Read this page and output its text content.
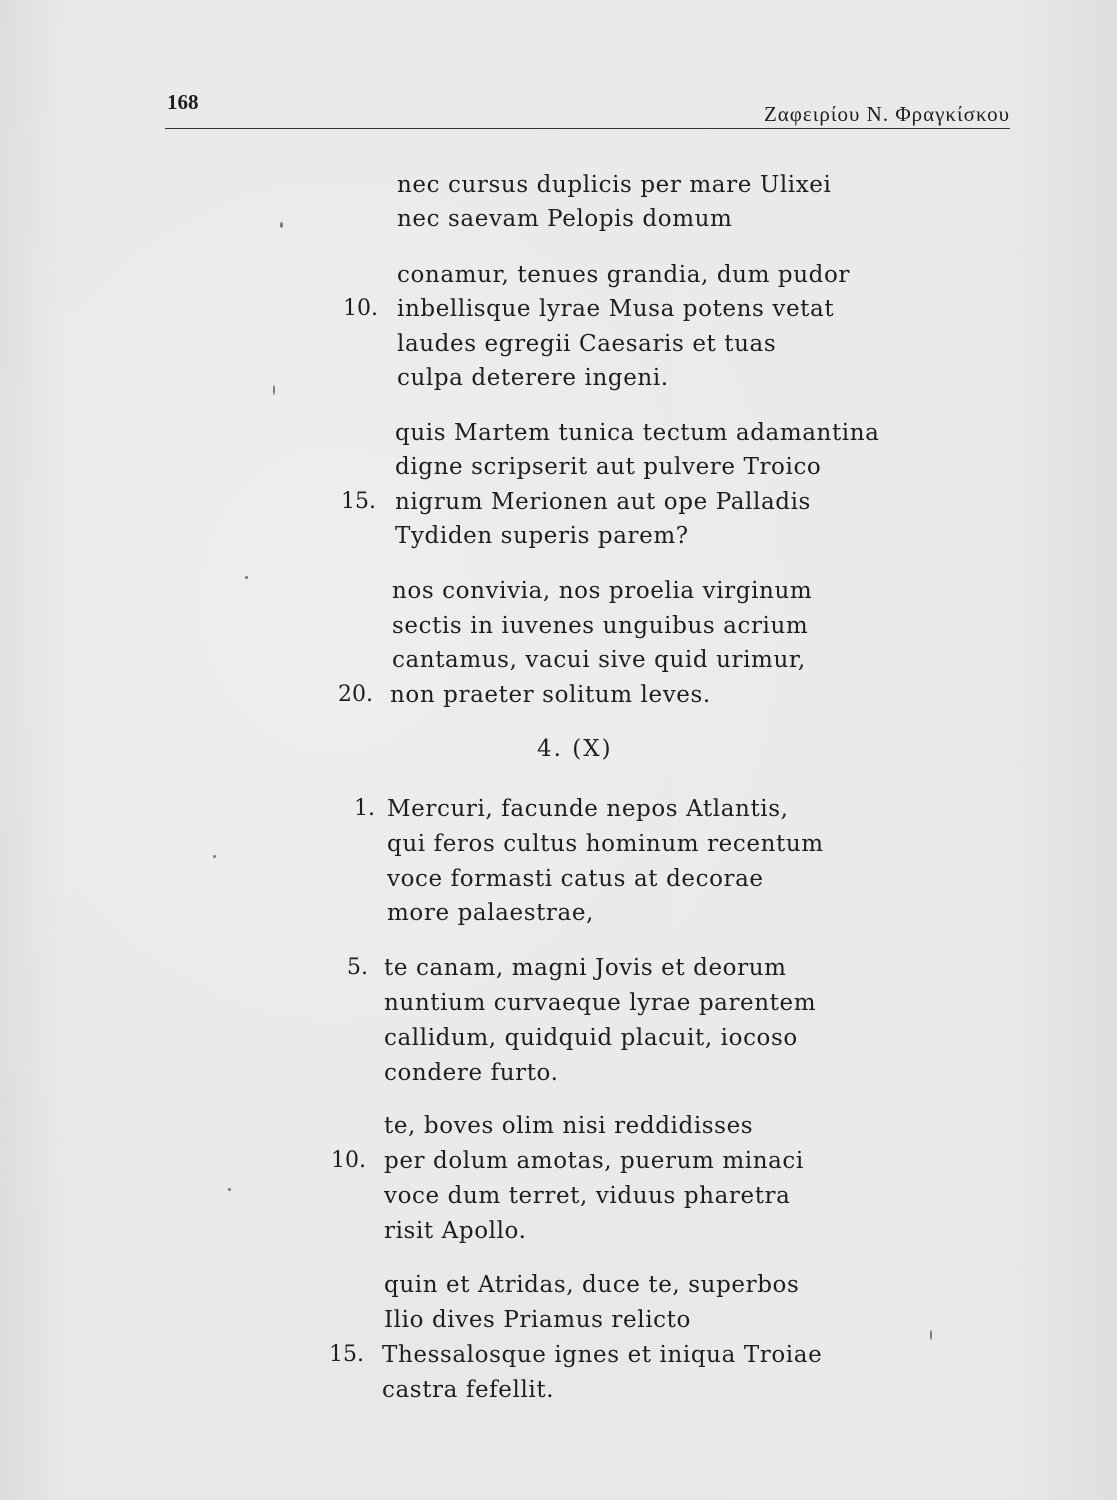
168	Ζαφειρίου Ν. Φραγκίσκου
nec cursus duplicis per mare Ulixei
nec saevam Pelopis domum
conamur, tenues grandia, dum pudor
10. inbellisque lyrae Musa potens vetat
laudes egregii Caesaris et tuas
culpa deterere ingeni.
quis Martem tunica tectum adamantina
digne scripserit aut pulvere Troico
15. nigrum Merionen aut ope Palladis
Tydiden superis parem?
nos convivia, nos proelia virginum
sectis in iuvenes unguibus acrium
cantamus, vacui sive quid urimur,
20. non praeter solitum leves.
4. (X)
1. Mercuri, facunde nepos Atlantis,
qui feros cultus hominum recentum
voce formasti catus at decorae
more palaestrae,
5. te canam, magni Jovis et deorum
nuntium curvaeque lyrae parentem
callidum, quidquid placuit, iocoso
condere furto.
te, boves olim nisi reddidisses
10. per dolum amotas, puerum minaci
voce dum terret, viduus pharetra
risit Apollo.
quin et Atridas, duce te, superbos
Ilio dives Priamus relicto
15. Thessalosque ignes et iniqua Troiae
castra fefellit.
